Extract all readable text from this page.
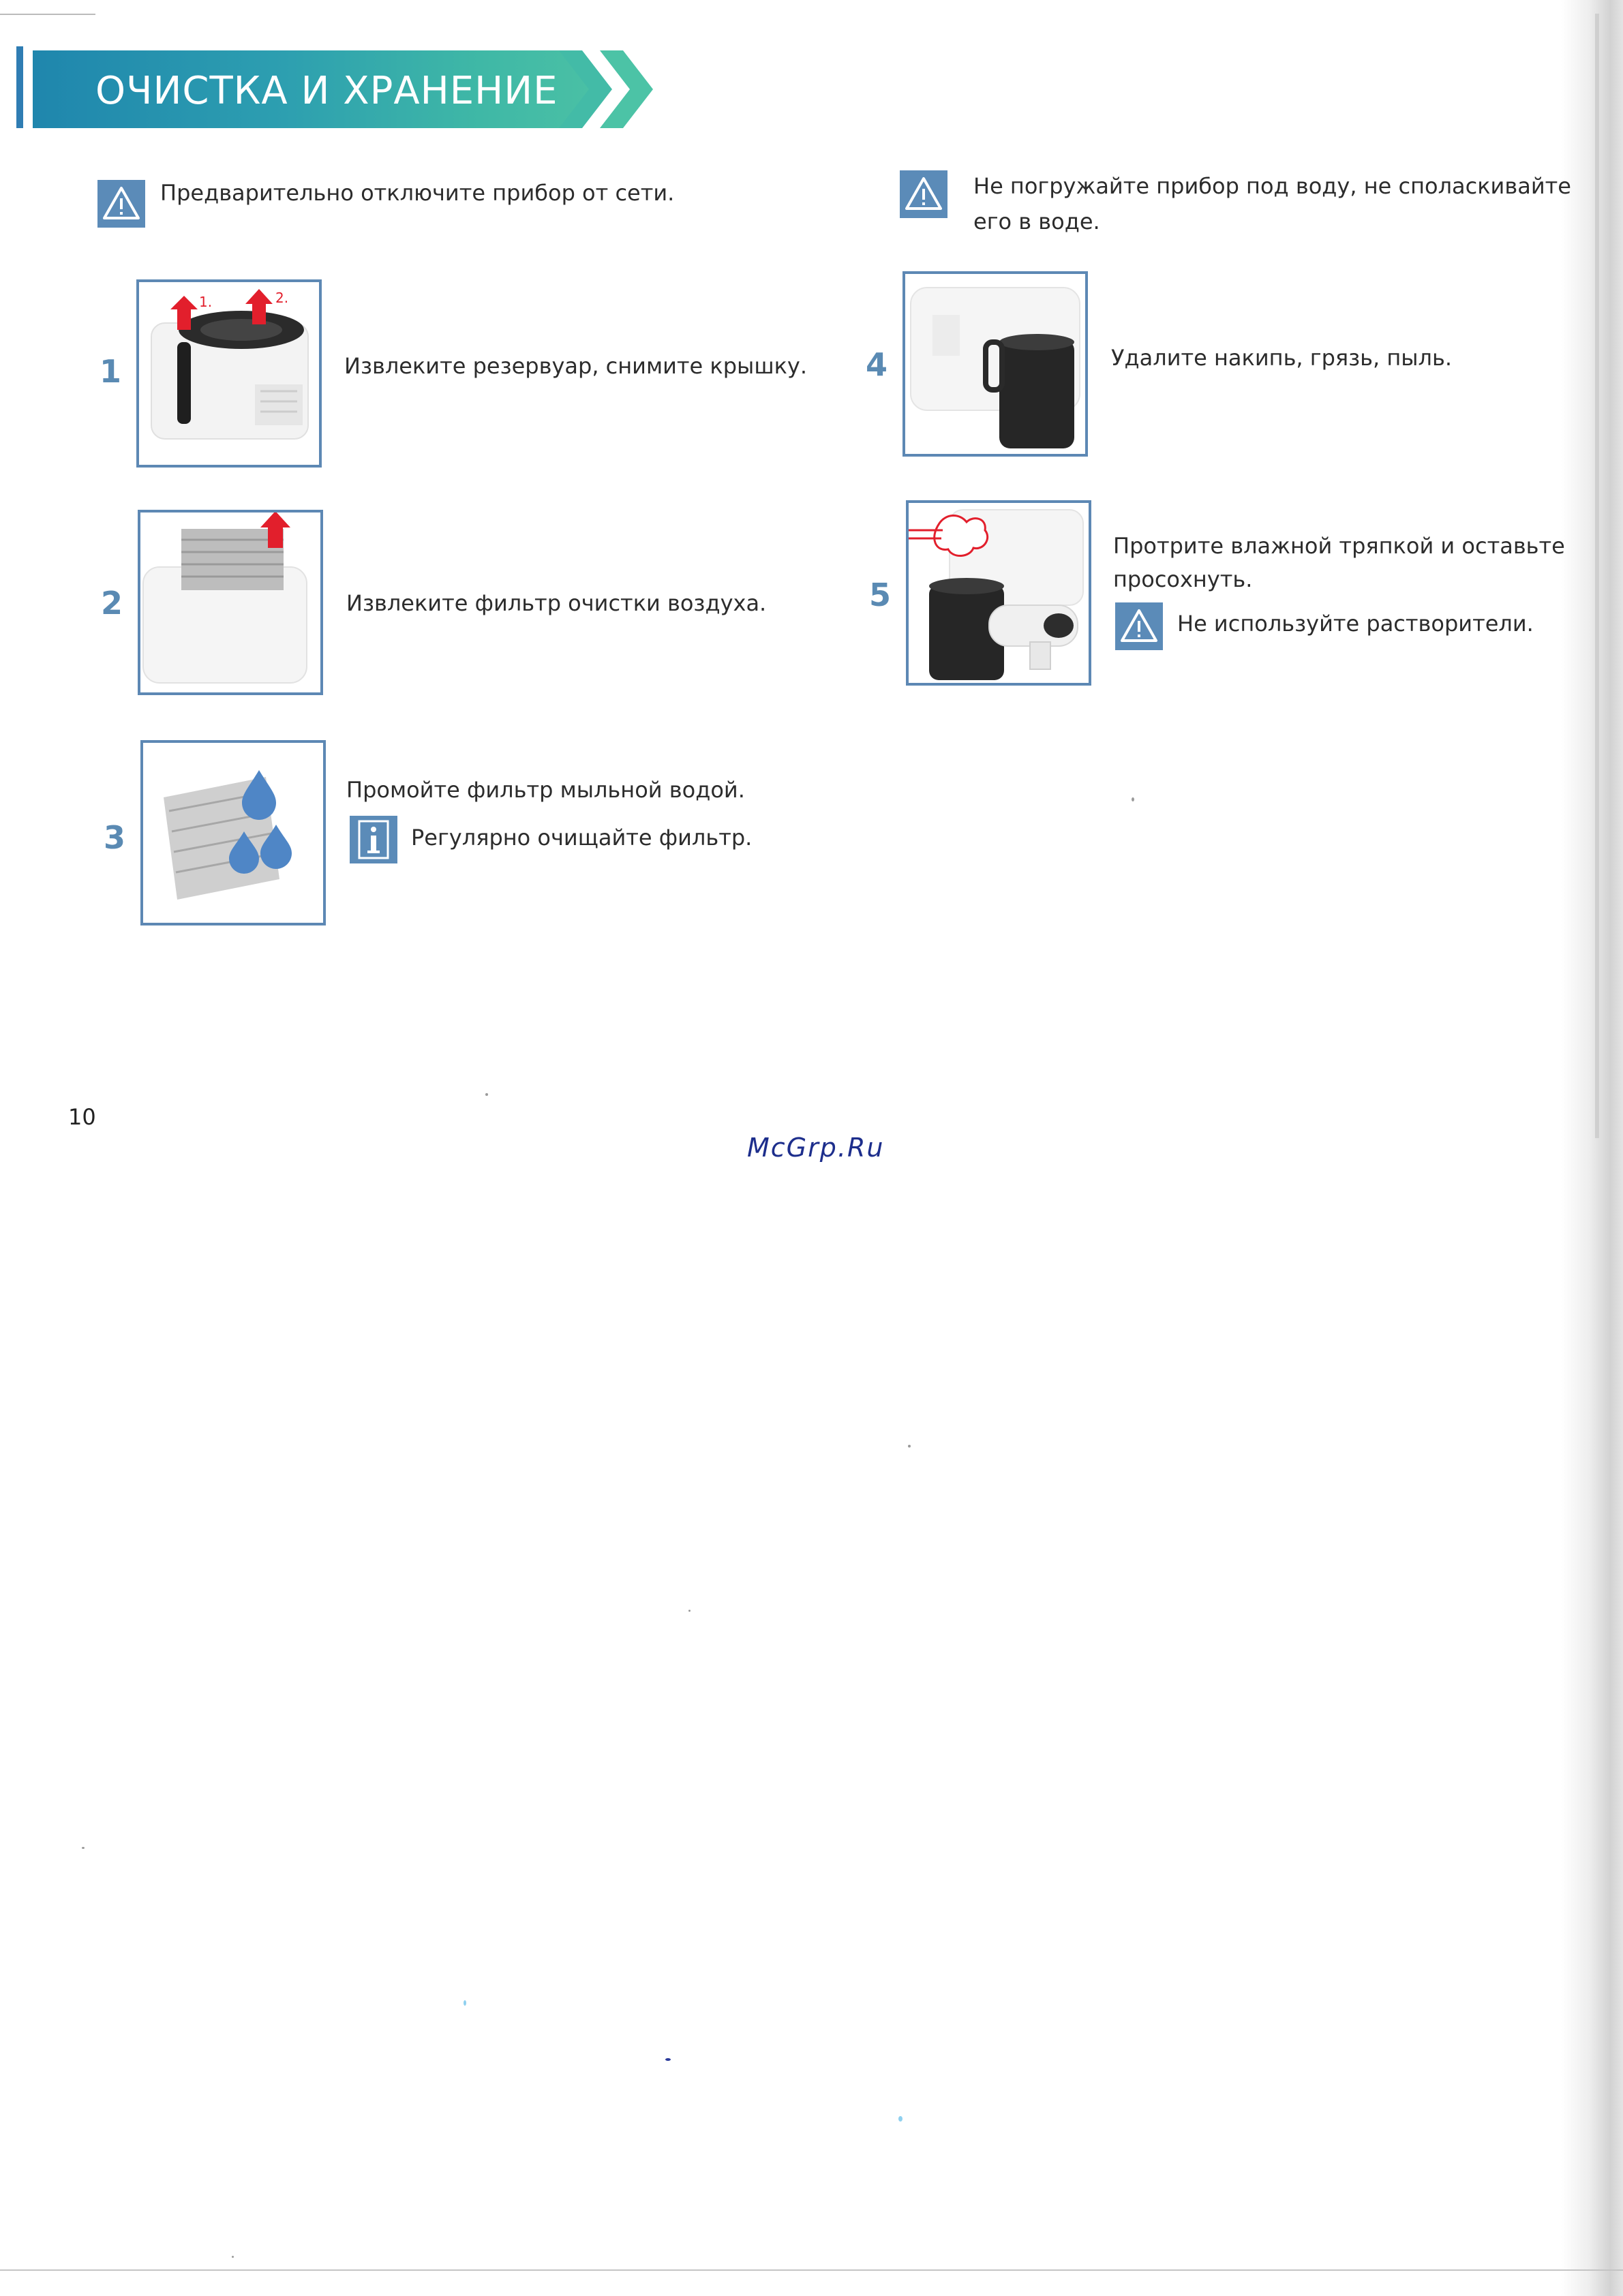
ОЧИСТКА И ХРАНЕНИЕ
Предварительно отключите прибор от сети.	Не погружайте прибор под воду, не споласкивайте
его в воде.
1
1.	2.
Извлеките резервуар, снимите крышку.
2	Извлеките фильтр очистки воздуха.
3
Промойте фильтр мыльной водой.
Регулярно очищайте фильтр.
4	Удалите накипь, грязь, пыль.
5
Протрите влажной тряпкой и оставьте
просохнуть.
Не используйте растворители.
10
McGrp.Ru
